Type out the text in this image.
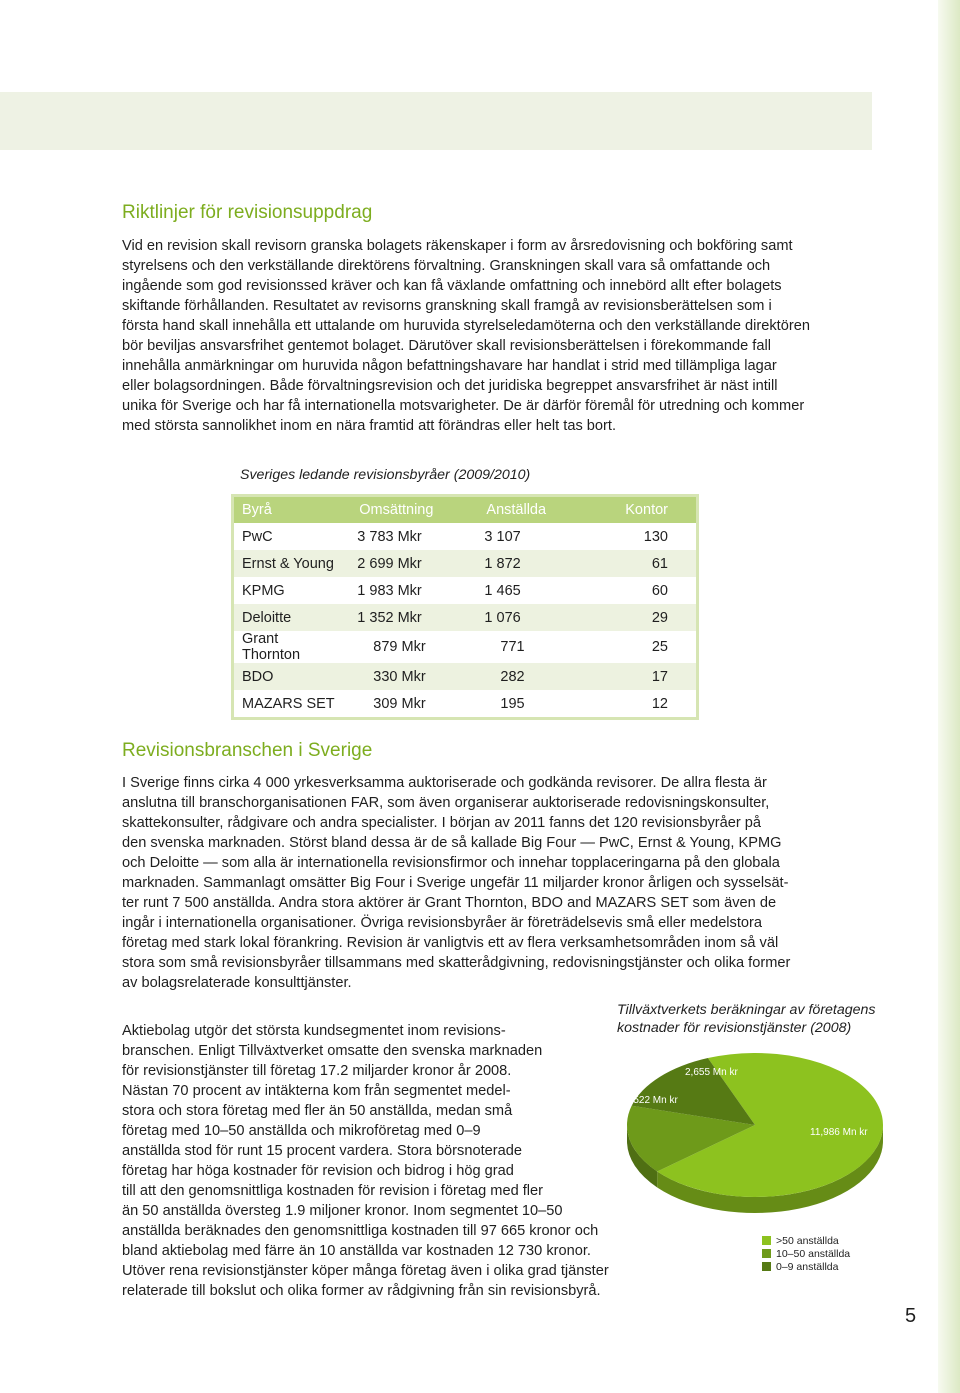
Riktlinjer för revisionsuppdrag
Vid en revision skall revisorn granska bolagets räkenskaper i form av årsredovisning och bokföring samt
styrelsens och den verkställande direktörens förvaltning. Granskningen skall vara så omfattande och
ingående som god revisionssed kräver och kan få växlande omfattning och innebörd allt efter bolagets
skiftande förhållanden. Resultatet av revisorns granskning skall framgå av revisionsberättelsen som i
första hand skall innehålla ett uttalande om huruvida styrelseledamöterna och den verkställande direktören
bör beviljas ansvarsfrihet gentemot bolaget. Därutöver skall revisionsberättelsen i förekommande fall
innehålla anmärkningar om huruvida någon befattningshavare har handlat i strid med tillämpliga lagar
eller bolagsordningen. Både förvaltningsrevision och det juridiska begreppet ansvarsfrihet är näst intill
unika för Sverige och har få internationella motsvarigheter. De är därför föremål för utredning och kommer
med största sannolikhet inom en nära framtid att förändras eller helt tas bort.
Sveriges ledande revisionsbyråer (2009/2010)
Byrå	Omsättning	Anställda	Kontor
PwC	3 783 Mkr	3 107	130
Ernst & Young	2 699 Mkr	1 872	61
KPMG	1 983 Mkr	1 465	60
Deloitte	1 352 Mkr	1 076	29
Grant Thornton	879 Mkr	771	25
BDO	330 Mkr	282	17
MAZARS SET	309 Mkr	195	12
Revisionsbranschen i Sverige
I Sverige finns cirka 4 000 yrkesverksamma auktoriserade och godkända revisorer. De allra flesta är
anslutna till branschorganisationen FAR, som även organiserar auktoriserade redovisningskonsulter,
skattekonsulter, rådgivare och andra specialister. I början av 2011 fanns det 120 revisionsbyråer på
den svenska marknaden. Störst bland dessa är de så kallade Big Four — PwC, Ernst & Young, KPMG
och Deloitte — som alla är internationella revisionsfirmor och innehar topplaceringarna på den globala
marknaden. Sammanlagt omsätter Big Four i Sverige ungefär 11 miljarder kronor årligen och sysselsät-
ter runt 7 500 anställda. Andra stora aktörer är Grant Thornton, BDO and MAZARS SET som även de
ingår i internationella organisationer. Övriga revisionsbyråer är företrädelsevis små eller medelstora
företag med stark lokal förankring. Revision är vanligtvis ett av flera verksamhetsområden inom så väl
stora som små revisionsbyråer tillsammans med skatterådgivning, redovisningstjänster och olika former
av bolagsrelaterade konsulttjänster.
Tillväxtverkets beräkningar av företagens
kostnader för revisionstjänster (2008)
Aktiebolag utgör det största kundsegmentet inom revisions-
branschen. Enligt Tillväxtverket omsatte den svenska marknaden
för revisionstjänster till företag 17.2 miljarder kronor år 2008.
Nästan 70 procent av intäkterna kom från segmentet medel-
stora och stora företag med fler än 50 anställda, medan små
företag med 10–50 anställda och mikroföretag med 0–9
anställda stod för runt 15 procent vardera. Stora börsnoterade
företag har höga kostnader för revision och bidrog i hög grad
till att den genomsnittliga kostnaden för revision i företag med fler
än 50 anställda översteg 1.9 miljoner kronor. Inom segmentet 10–50
anställda beräknades den genomsnittliga kostnaden till 97 665 kronor och
bland aktiebolag med färre än 10 anställda var kostnaden 12 730 kronor.
Utöver rena revisionstjänster köper många företag även i olika grad tjänster
relaterade till bokslut och olika former av rådgivning från sin revisionsbyrå.
11,986 Mn kr
2,655 Mn kr
2,522 Mn kr
>50 anställda
10–50 anställda
0–9 anställda
5
